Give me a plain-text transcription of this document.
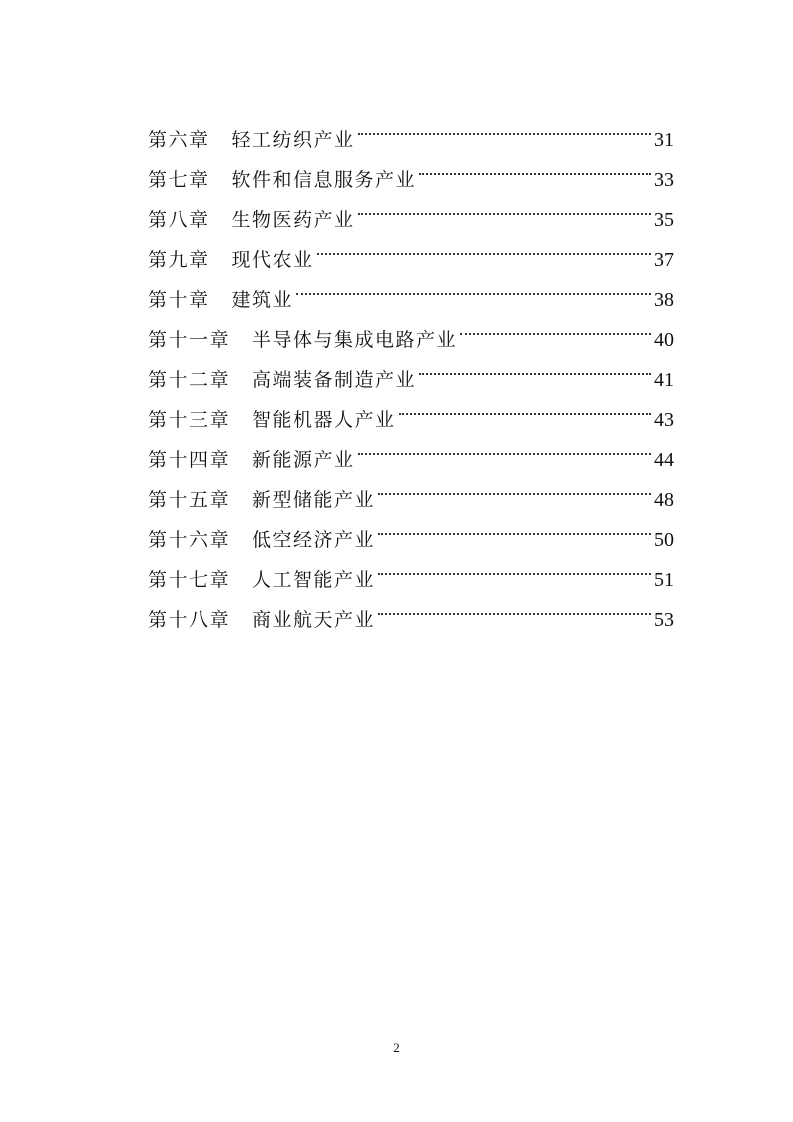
第六章 轻工纺织产业	31
第七章 软件和信息服务产业	33
第八章 生物医药产业	35
第九章 现代农业	37
第十章 建筑业	38
第十一章 半导体与集成电路产业	40
第十二章 高端装备制造产业	41
第十三章 智能机器人产业	43
第十四章 新能源产业	44
第十五章 新型储能产业	48
第十六章 低空经济产业	50
第十七章 人工智能产业	51
第十八章 商业航天产业	53
2
